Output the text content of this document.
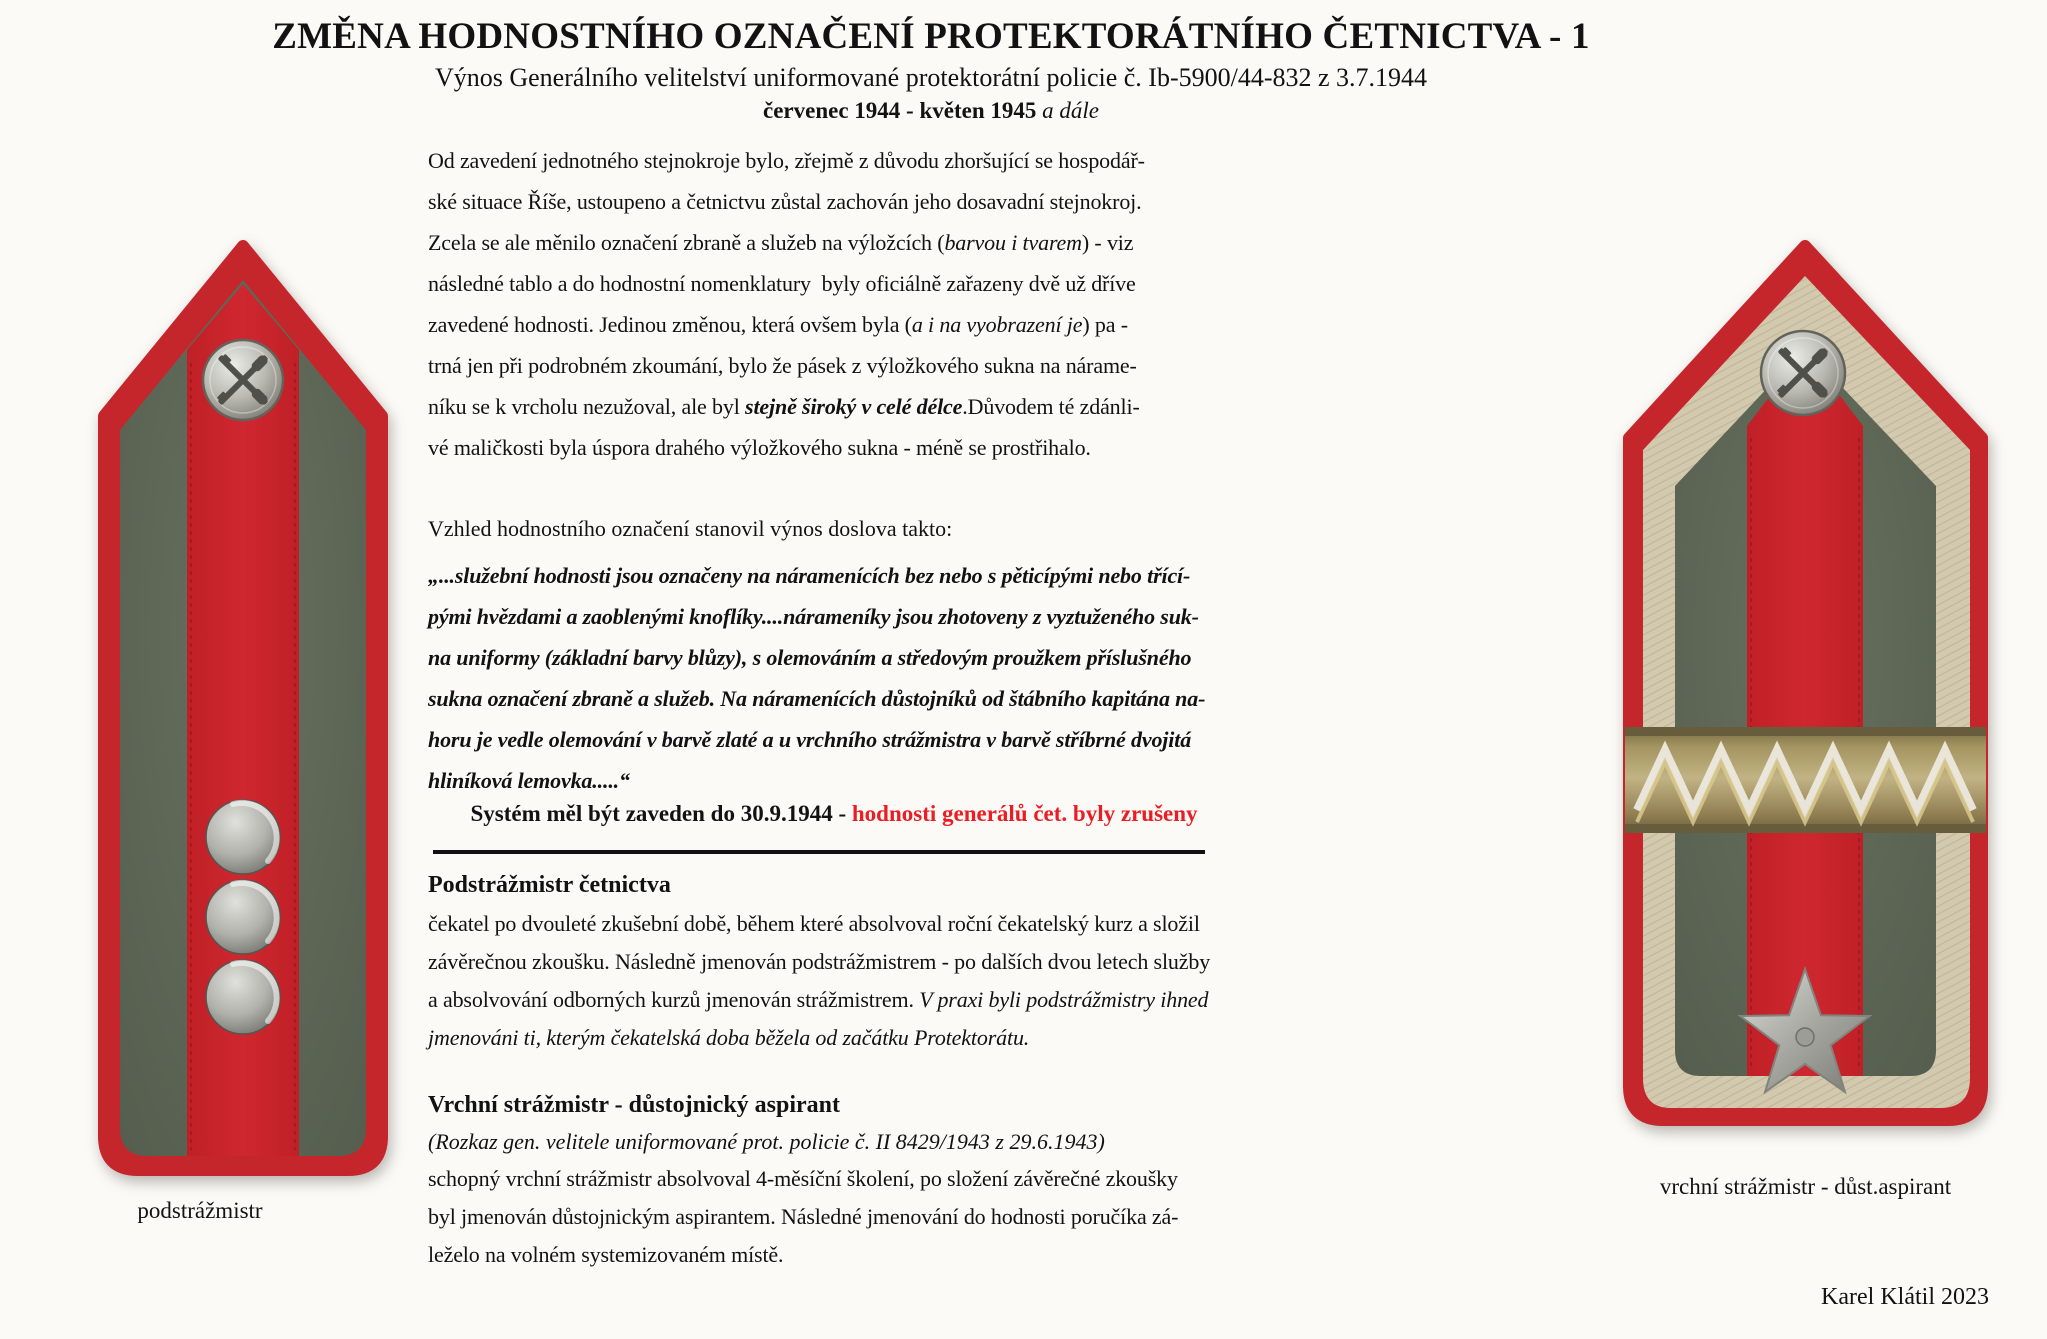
ZMĚNA HODNOSTNÍHO OZNAČENÍ PROTEKTORÁTNÍHO ČETNICTVA - 1
Výnos Generálního velitelství uniformované protektorátní policie č. Ib-5900/44-832 z 3.7.1944
červenec 1944 - květen 1945 a dále
podstrážmistr
vrchní strážmistr - důst.aspirant
Od zavedení jednotného stejnokroje bylo, zřejmě z důvodu zhoršující se hospodář-
ské situace Říše, ustoupeno a četnictvu zůstal zachován jeho dosavadní stejnokroj.
Zcela se ale měnilo označení zbraně a služeb na výložcích (barvou i tvarem) - viz
následné tablo a do hodnostní nomenklatury  byly oficiálně zařazeny dvě už dříve
zavedené hodnosti. Jedinou změnou, která ovšem byla (a i na vyobrazení je) pa -
trná jen při podrobném zkoumání, bylo že pásek z výložkového sukna na nárame-
níku se k vrcholu nezužoval, ale byl stejně široký v celé délce.Důvodem té zdánli-
vé maličkosti byla úspora drahého výložkového sukna - méně se prostřihalo.
Vzhled hodnostního označení stanovil výnos doslova takto:
„...služební hodnosti jsou označeny na náramenících bez nebo s pěticípými nebo třící-
pými hvězdami a zaoblenými knoflíky....nárameníky jsou zhotoveny z vyztuženého suk-
na uniformy (základní barvy blůzy), s olemováním a středovým proužkem příslušného
sukna označení zbraně a služeb. Na náramenících důstojníků od štábního kapitána na-
horu je vedle olemování v barvě zlaté a u vrchního strážmistra v barvě stříbrné dvojitá
hliníková lemovka.....“
Systém měl být zaveden do 30.9.1944 - hodnosti generálů čet. byly zrušeny
Podstrážmistr četnictva
čekatel po dvouleté zkušební době, během které absolvoval roční čekatelský kurz a složil
závěrečnou zkoušku. Následně jmenován podstrážmistrem - po dalších dvou letech služby
a absolvování odborných kurzů jmenován strážmistrem. V praxi byli podstrážmistry ihned
jmenováni ti, kterým čekatelská doba běžela od začátku Protektorátu.
Vrchní strážmistr - důstojnický aspirant
(Rozkaz gen. velitele uniformované prot. policie č. II 8429/1943 z 29.6.1943)
schopný vrchní strážmistr absolvoval 4-měsíční školení, po složení závěrečné zkoušky
byl jmenován důstojnickým aspirantem. Následné jmenování do hodnosti poručíka zá-
leželo na volném systemizovaném místě.
Karel Klátil 2023
